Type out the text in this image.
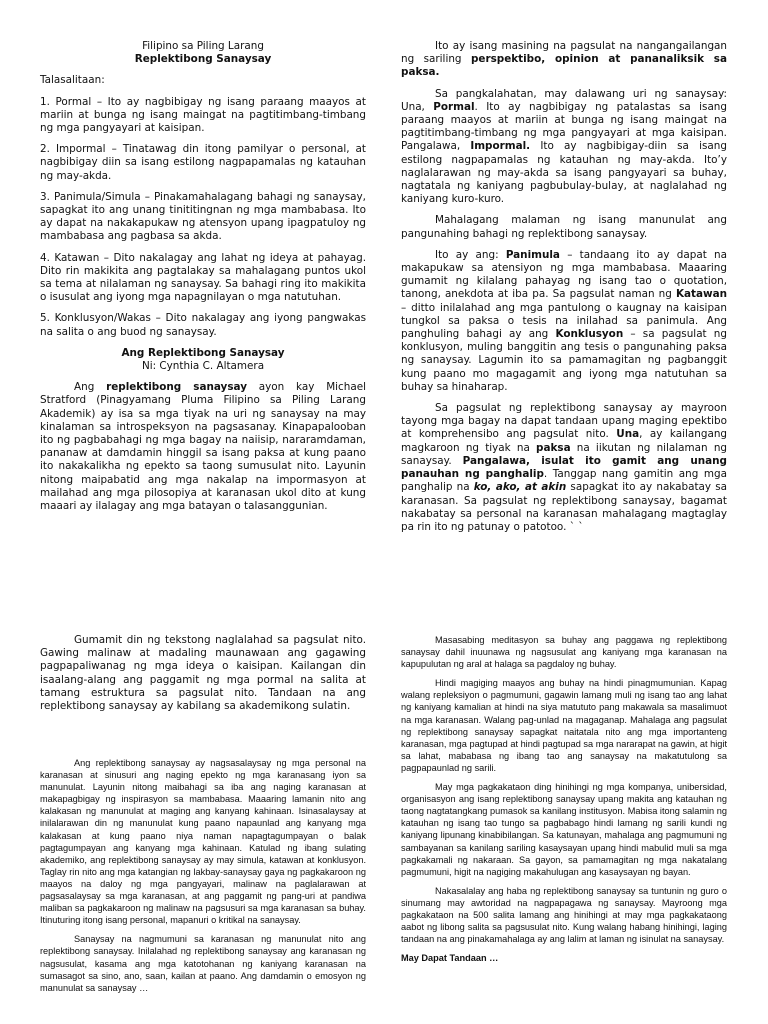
Filipino sa Piling Larang
Replektibong Sanaysay

Talasalitaan:

1. Pormal – Ito ay nagbibigay ng isang paraang maayos at mariin at bunga ng isang maingat na pagtitimbang-timbang ng mga pangyayari at kaisipan.

2. Impormal – Tinatawag din itong pamilyar o personal, at nagbibigay diin sa isang estilong nagpapamalas ng katauhan ng may-akda.

3. Panimula/Simula – Pinakamahalagang bahagi ng sanaysay, sapagkat ito ang unang tinititingnan ng mga mambabasa. Ito ay dapat na nakakapukaw ng atensyon upang ipagpatuloy ng mambabasa ang pagbasa sa akda.

4. Katawan – Dito nakalagay ang lahat ng ideya at pahayag. Dito rin makikita ang pagtalakay sa mahalagang puntos ukol sa tema at nilalaman ng sanaysay. Sa bahagi ring ito makikita o isusulat ang iyong mga napagnilayan o mga natutuhan.

5. Konklusyon/Wakas – Dito nakalagay ang iyong pangwakas na salita o ang buod ng sanaysay.

Ang Replektibong Sanaysay
Ni: Cynthia C. Altamera

Ang replektibong sanaysay ayon kay Michael Stratford (Pinagyamang Pluma Filipino sa Piling Larang Akademik) ay isa sa mga tiyak na uri ng sanaysay na may kinalaman sa introspeksyon na pagsasanay. Kinapapalooban ito ng pagbabahagi ng mga bagay na naiisip, nararamdaman, pananaw at damdamin hinggil sa isang paksa at kung paano ito nakakalikha ng epekto sa taong sumusulat nito. Layunin nitong maipabatid ang mga nakalap na impormasyon at mailahad ang mga pilosopiya at karanasan ukol dito at kung maaari ay ilalagay ang mga batayan o talasanggunian.

Ito ay isang masining na pagsulat na nangangailangan ng sariling perspektibo, opinion at pananaliksik sa paksa.

Sa pangkalahatan, may dalawang uri ng sanaysay: Una, Pormal. Ito ay nagbibigay ng patalastas sa isang paraang maayos at mariin at bunga ng isang maingat na pagtitimbang-timbang ng mga pangyayari at mga kaisipan. Pangalawa, Impormal. Ito ay nagbibigay-diin sa isang estilong nagpapamalas ng katauhan ng may-akda. Ito’y naglalarawan ng may-akda sa isang pangyayari sa buhay, nagtatala ng kaniyang pagbubulay-bulay, at naglalahad ng kaniyang kuro-kuro.

Mahalagang malaman ng isang manunulat ang pangunahing bahagi ng replektibong sanaysay.

Ito ay ang: Panimula – tandaang ito ay dapat na makapukaw sa atensiyon ng mga mambabasa. Maaaring gumamit ng kilalang pahayag ng isang tao o quotation, tanong, anekdota at iba pa. Sa pagsulat naman ng Katawan – ditto inilalahad ang mga pantulong o kaugnay na kaisipan tungkol sa paksa o tesis na inilahad sa panimula. Ang panghuling bahagi ay ang Konklusyon – sa pagsulat ng konklusyon, muling banggitin ang tesis o pangunahing paksa ng sanaysay. Lagumin ito sa pamamagitan ng pagbanggit kung paano mo magagamit ang iyong mga natutuhan sa buhay sa hinaharap.

Sa pagsulat ng replektibong sanaysay ay mayroon tayong mga bagay na dapat tandaan upang maging epektibo at komprehensibo ang pagsulat nito. Una, ay kailangang magkaroon ng tiyak na paksa na iikutan ng nilalaman ng sanaysay. Pangalawa, isulat ito gamit ang unang panauhan ng panghalip. Tanggap nang gamitin ang mga panghalip na ko, ako, at akin sapagkat ito ay nakabatay sa karanasan. Sa pagsulat ng replektibong sanaysay, bagamat nakabatay sa personal na karanasan mahalagang magtaglay pa rin ito ng patunay o patotoo. ` `

Gumamit din ng tekstong naglalahad sa pagsulat nito. Gawing malinaw at madaling maunawaan ang gagawing pagpapaliwanag ng mga ideya o kaisipan. Kailangan din isaalang-alang ang paggamit ng mga pormal na salita at tamang estruktura sa pagsulat nito. Tandaan na ang replektibong sanaysay ay kabilang sa akademikong sulatin.

Ang replektibong sanaysay ay nagsasalaysay ng mga personal na karanasan at sinusuri ang naging epekto ng mga karanasang iyon sa manunulat. Layunin nitong maibahagi sa iba ang naging karanasan at makapagbigay ng inspirasyon sa mambabasa. Maaaring lamanin nito ang kalakasan ng manunulat at maging ang kanyang kahinaan. Isinasalaysay at inilalarawan din ng manunulat kung paano napaunlad ang kanyang mga kalakasan at kung paano niya naman napagtagumpayan o balak pagtagumpayan ang kanyang mga kahinaan. Katulad ng ibang sulating akademiko, ang replektibong sanaysay ay may simula, katawan at konklusyon. Taglay rin nito ang mga katangian ng lakbay-sanaysay gaya ng pagkakaroon ng maayos na daloy ng mga pangyayari, malinaw na paglalarawan at pagsasalaysay sa mga karanasan, at ang paggamit ng pang-uri at pandiwa maliban sa pagkakaroon ng malinaw na pagsusuri sa mga karanasan sa buhay. Itinuturing itong isang personal, mapanuri o kritikal na sanaysay.

Sanaysay na nagmumuni sa karanasan ng manunulat nito ang replektibong sanaysay. Inilalahad ng replektibong sanaysay ang karanasan ng nagsusulat, kasama ang mga katotohanan ng kaniyang karanasan na sumasagot sa sino, ano, saan, kailan at paano. Ang damdamin o emosyon ng manunulat sa sanaysay …

Masasabing meditasyon sa buhay ang paggawa ng replektibong sanaysay dahil inuunawa ng nagsusulat ang kaniyang mga karanasan na kapupulutan ng aral at halaga sa pagdaloy ng buhay.

Hindi magiging maayos ang buhay na hindi pinagmumunian. Kapag walang repleksiyon o pagmumuni, gagawin lamang muli ng isang tao ang lahat ng kaniyang kamalian at hindi na siya matututo pang makawala sa masalimuot na mga karanasan. Walang pag-unlad na magaganap. Mahalaga ang pagsulat ng replektibong sanaysay sapagkat naitatala nito ang mga importanteng karanasan, mga pagtupad at hindi pagtupad sa mga nararapat na gawin, at higit sa lahat, mababasa ng ibang tao ang sanaysay na makatutulong sa pagpapaunlad ng sarili.

May mga pagkakataon ding hinihingi ng mga kompanya, unibersidad, organisasyon ang isang replektibong sanaysay upang makita ang katauhan ng taong nagtatangkang pumasok sa kanilang institusyon. Mabisa itong salamin ng katauhan ng isang tao tungo sa pagbabago hindi lamang ng sarili kundi ng kaniyang lipunang kinabibilangan. Sa katunayan, mahalaga ang pagmumuni ng sambayanan sa kanilang sariling kasaysayan upang hindi mabulid muli sa mga pagkakamali ng nakaraan. Sa gayon, sa pamamagitan ng mga nakatalang pagmumuni, higit na nagiging makahulugan ang kasaysayan ng bayan.

Nakasalalay ang haba ng replektibong sanaysay sa tuntunin ng guro o sinumang may awtoridad na nagpapagawa ng sanaysay. Mayroong mga pagkakataon na 500 salita lamang ang hinihingi at may mga pagkakataong aabot ng libong salita sa pagsusulat nito. Kung walang habang hinihingi, laging tandaan na ang pinakamahalaga ay ang lalim at laman ng isinulat na sanaysay.

May Dapat Tandaan …
